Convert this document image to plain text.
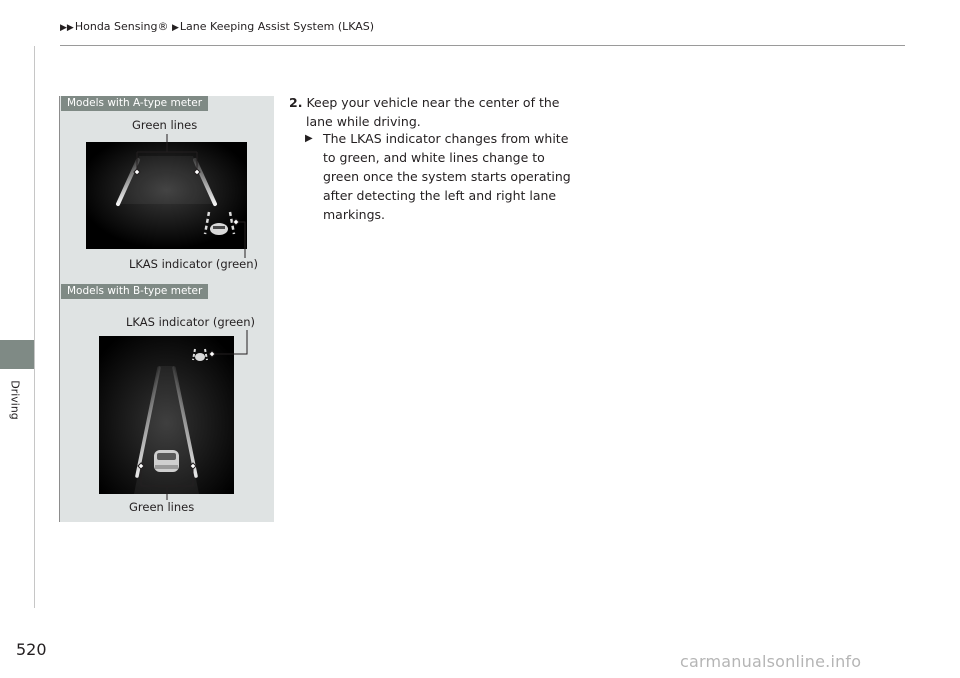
▶▶Honda Sensing® ▶Lane Keeping Assist System (LKAS)
Driving
520
Models with A-type meter
Green lines
LKAS indicator (green)
Models with B-type meter
LKAS indicator (green)
Green lines
2. Keep your vehicle near the center of the
lane while driving.
▶ The LKAS indicator changes from white
to green, and white lines change to
green once the system starts operating
after detecting the left and right lane
markings.
carmanualsonline.info
